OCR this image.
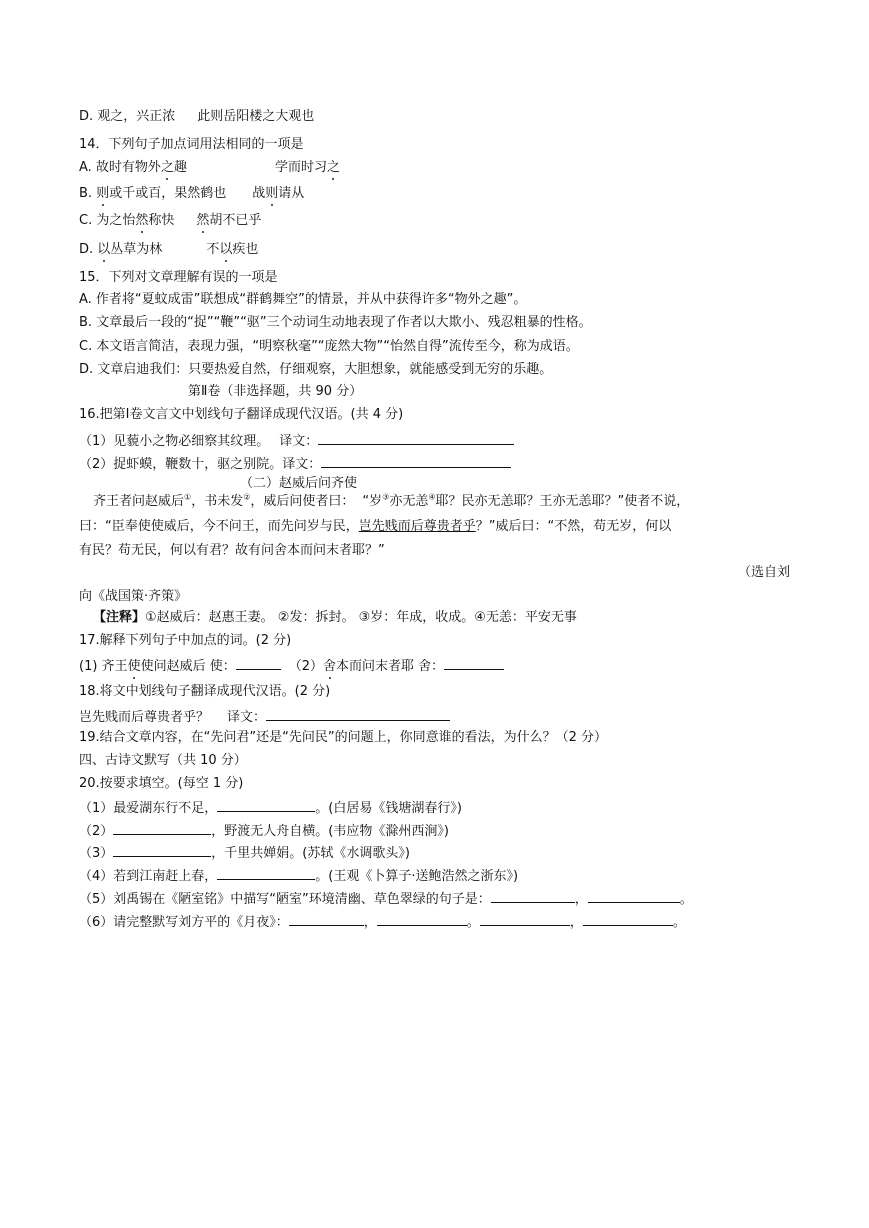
D. 观之，兴正浓 此则岳阳楼之大观也
14．下列句子加点词用法相同的一项是
A. 故时有物外之趣	学而时习之
B. 则或千或百，果然鹤也 战则请从
C. 为之怡然称快 然胡不已乎
D. 以丛草为林	不以疾也
15．下列对文章理解有误的一项是
A. 作者将“夏蚊成雷”联想成“群鹤舞空”的情景，并从中获得许多“物外之趣”。
B. 文章最后一段的“捉”“鞭”“驱”三个动词生动地表现了作者以大欺小、残忍粗暴的性格。
C. 本文语言简洁，表现力强，“明察秋毫”“庞然大物”“怡然自得”流传至今，称为成语。
D. 文章启迪我们：只要热爱自然，仔细观察，大胆想象，就能感受到无穷的乐趣。
第Ⅱ卷（非选择题，共 90 分）
16.把第Ⅰ卷文言文中划线句子翻译成现代汉语。(共 4 分)
（1）见藐小之物必细察其纹理。 译文：
（2）捉虾蟆，鞭数十，驱之别院。译文：
（二）赵威后问齐使
齐王者问赵威后①，书未发②，威后问使者曰： “岁③亦无恙④耶？民亦无恙耶？王亦无恙耶？”使者不说，
曰：“臣奉使使威后，今不问王，而先问岁与民，岂先贱而后尊贵者乎？”威后曰：“不然，苟无岁，何以
有民？苟无民，何以有君？故有问舍本而问末者耶？”
（选自刘
向《战国策·齐策》
【注释】①赵威后：赵惠王妻。 ②发：拆封。 ③岁：年成，收成。④无恙：平安无事
17.解释下列句子中加点的词。(2 分)
(1) 齐王使使问赵威后 使：	（2）舍本而问末者耶 舍：
18.将文中划线句子翻译成现代汉语。(2 分)
岂先贱而后尊贵者乎？ 译文：
19.结合文章内容，在“先问君”还是“先问民”的问题上，你同意谁的看法，为什么？（2 分）
四、古诗文默写（共 10 分）
20.按要求填空。(每空 1 分)
（1）最爱湖东行不足，	。(白居易《钱塘湖春行》)
（2）	，野渡无人舟自横。(韦应物《滁州西涧》)
（3）	，千里共婵娟。(苏轼《水调歌头》)
（4）若到江南赶上春，	。(王观《卜算子·送鲍浩然之浙东》)
（5）刘禹锡在《陋室铭》中描写“陋室”环境清幽、草色翠绿的句子是：	，	。
（6）请完整默写刘方平的《月夜》：	，	。	，	。
